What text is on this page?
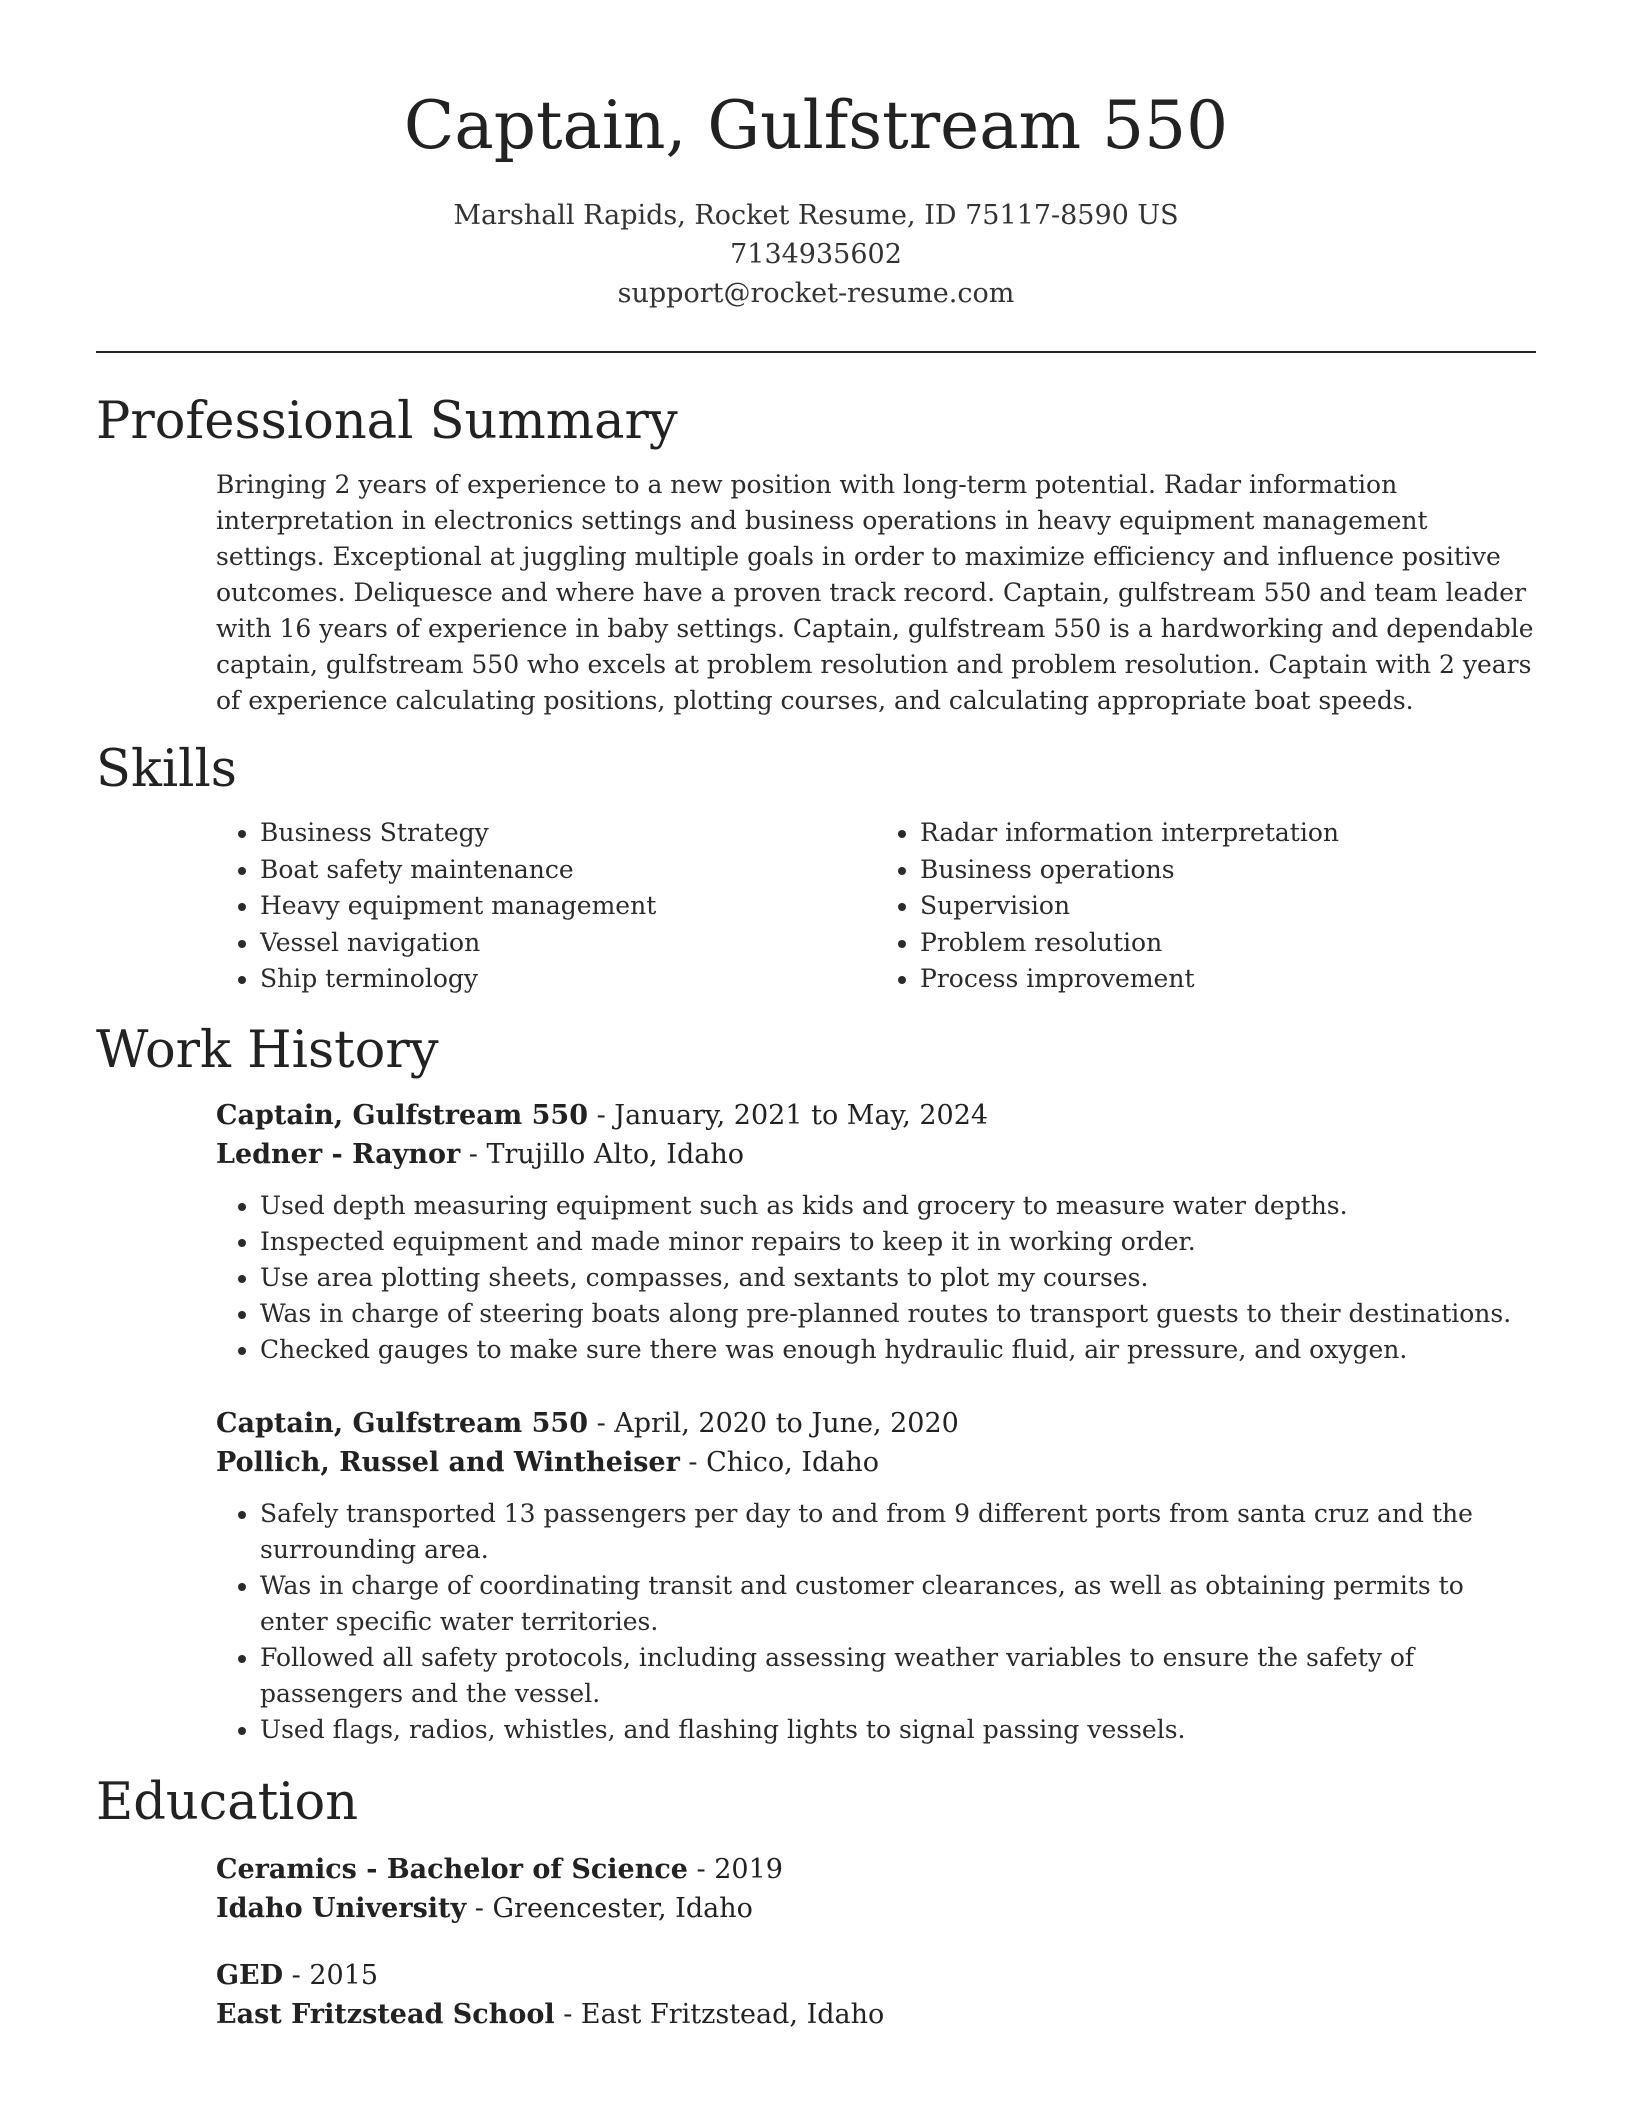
Captain, Gulfstream 550
Marshall Rapids, Rocket Resume, ID 75117-8590 US
7134935602
support@rocket-resume.com
Professional Summary
Bringing 2 years of experience to a new position with long-term potential. Radar information interpretation in electronics settings and business operations in heavy equipment management settings. Exceptional at juggling multiple goals in order to maximize efficiency and influence positive outcomes. Deliquesce and where have a proven track record. Captain, gulfstream 550 and team leader with 16 years of experience in baby settings. Captain, gulfstream 550 is a hardworking and dependable captain, gulfstream 550 who excels at problem resolution and problem resolution. Captain with 2 years of experience calculating positions, plotting courses, and calculating appropriate boat speeds.
Skills
• Business Strategy
• Boat safety maintenance
• Heavy equipment management
• Vessel navigation
• Ship terminology
• Radar information interpretation
• Business operations
• Supervision
• Problem resolution
• Process improvement
Work History
Captain, Gulfstream 550 - January, 2021 to May, 2024
Ledner - Raynor - Trujillo Alto, Idaho
• Used depth measuring equipment such as kids and grocery to measure water depths.
• Inspected equipment and made minor repairs to keep it in working order.
• Use area plotting sheets, compasses, and sextants to plot my courses.
• Was in charge of steering boats along pre-planned routes to transport guests to their destinations.
• Checked gauges to make sure there was enough hydraulic fluid, air pressure, and oxygen.
Captain, Gulfstream 550 - April, 2020 to June, 2020
Pollich, Russel and Wintheiser - Chico, Idaho
• Safely transported 13 passengers per day to and from 9 different ports from santa cruz and the surrounding area.
• Was in charge of coordinating transit and customer clearances, as well as obtaining permits to enter specific water territories.
• Followed all safety protocols, including assessing weather variables to ensure the safety of passengers and the vessel.
• Used flags, radios, whistles, and flashing lights to signal passing vessels.
Education
Ceramics - Bachelor of Science - 2019
Idaho University - Greencester, Idaho
GED - 2015
East Fritzstead School - East Fritzstead, Idaho
